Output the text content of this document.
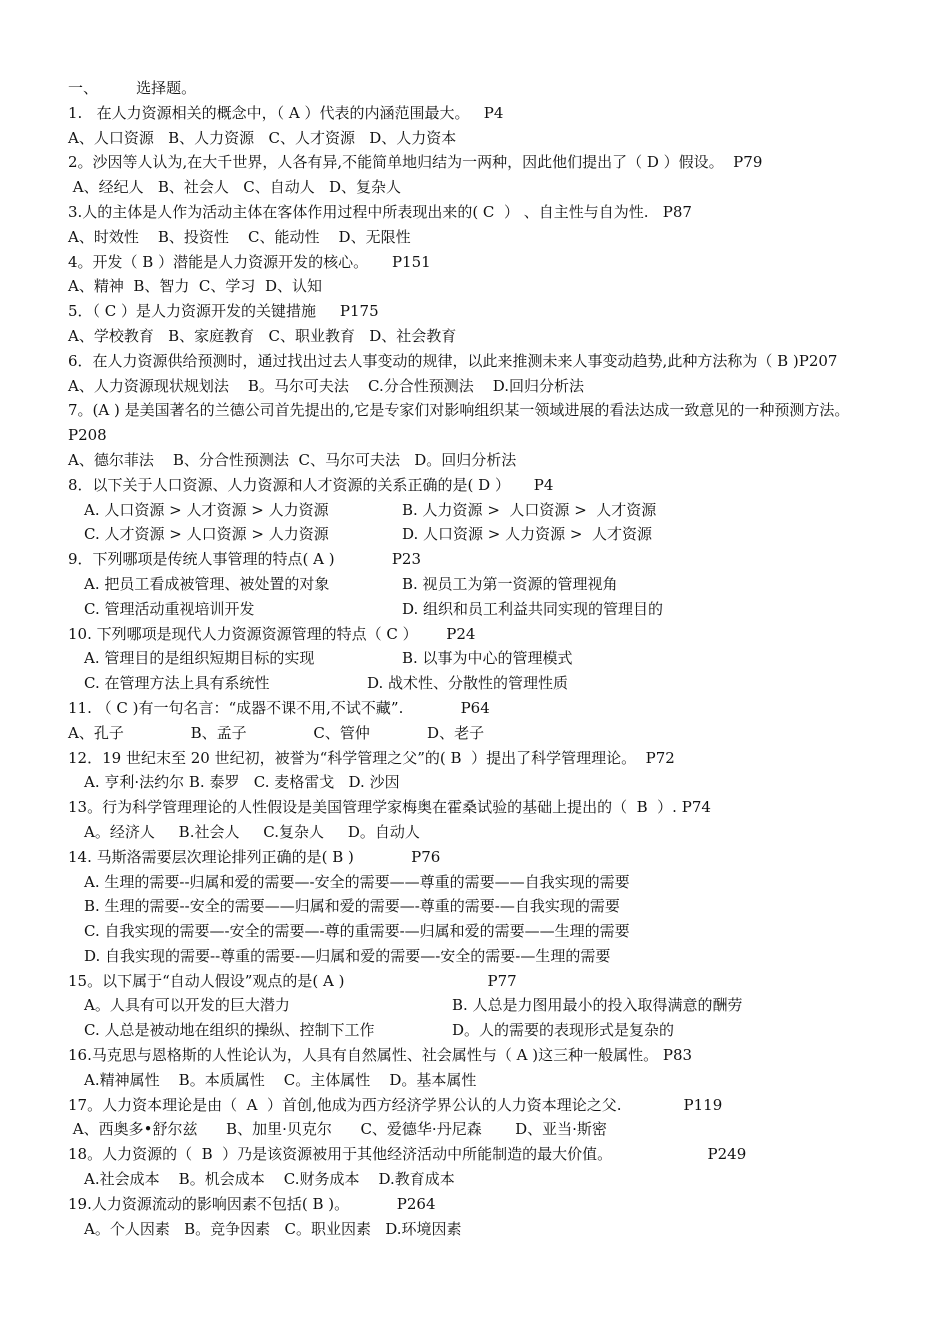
一、        选择题。
1.   在人力资源相关的概念中，（ A ）代表的内涵范围最大。   P4
A、人口资源   B、人力资源   C、人才资源   D、人力资本
2。沙因等人认为,在大千世界，人各有异,不能简单地归结为一两种，因此他们提出了（ D ）假设。  P79
A、经纪人   B、社会人   C、自动人   D、复杂人
3.人的主体是人作为活动主体在客体作用过程中所表现出来的( C  ） 、自主性与自为性.   P87
A、时效性    B、投资性    C、能动性    D、无限性
4。开发（ B ）潜能是人力资源开发的核心。     P151
A、精神  B、智力  C、学习  D、认知
5．（ C ）是人力资源开发的关键措施     P175
A、学校教育   B、家庭教育   C、职业教育   D、社会教育
6．在人力资源供给预测时，通过找出过去人事变动的规律，以此来推测未来人事变动趋势,此种方法称为（ B )P207
A、人力资源现状规划法    B。马尔可夫法    C.分合性预测法    D.回归分析法
7。(A ) 是美国著名的兰德公司首先提出的,它是专家们对影响组织某一领域进展的看法达成一致意见的一种预测方法。 P208
A、德尔菲法    B、分合性预测法  C、马尔可夫法   D。回归分析法
8．以下关于人口资源、人力资源和人才资源的关系正确的是( D ）     P4
A. 人口资源 > 人才资源 > 人力资源	B. 人力资源 >  人口资源 >  人才资源
C. 人才资源 > 人口资源 > 人力资源	D. 人口资源 > 人力资源 >  人才资源
9．下列哪项是传统人事管理的特点( A )            P23
A. 把员工看成被管理、被处置的对象	B. 视员工为第一资源的管理视角
C. 管理活动重视培训开发	D. 组织和员工利益共同实现的管理目的
10. 下列哪项是现代人力资源资源管理的特点（ C ）      P24
A. 管理目的是组织短期目标的实现	B. 以事为中心的管理模式
C. 在管理方法上具有系统性	D. 战术性、分散性的管理性质
11. （ C )有一句名言：“成器不课不用,不试不藏”.            P64
A、孔子              B、孟子              C、管仲            D、老子
12．19 世纪末至 20 世纪初，被誉为“科学管理之父”的( B  ）提出了科学管理理论。  P72
A. 亨利·法约尔 B. 泰罗   C. 麦格雷戈   D. 沙因
13。行为科学管理理论的人性假设是美国管理学家梅奥在霍桑试验的基础上提出的（  B  ）. P74
A。经济人     B.社会人     C.复杂人     D。自动人
14. 马斯洛需要层次理论排列正确的是( B )            P76
A. 生理的需要--归属和爱的需要—-安全的需要——尊重的需要——自我实现的需要
B. 生理的需要--安全的需要——归属和爱的需要—-尊重的需要-—自我实现的需要
C. 自我实现的需要—-安全的需要—-尊的重需要-—归属和爱的需要——生理的需要
D. 自我实现的需要--尊重的需要-—归属和爱的需要—-安全的需要-—生理的需要
15。以下属于“自动人假设”观点的是( A )                              P77
A。人具有可以开发的巨大潜力	B. 人总是力图用最小的投入取得满意的酬劳
C. 人总是被动地在组织的操纵、控制下工作	D。人的需要的表现形式是复杂的
16.马克思与恩格斯的人性论认为，人具有自然属性、社会属性与（ A )这三种一般属性。 P83
A.精神属性    B。本质属性    C。主体属性    D。基本属性
17。人力资本理论是由（  A  ）首创,他成为西方经济学界公认的人力资本理论之父.             P119
A、西奥多•舒尔兹      B、加里·贝克尔      C、爱德华·丹尼森       D、亚当·斯密
18。人力资源的（  B  ）乃是该资源被用于其他经济活动中所能制造的最大价值。                    P249
A.社会成本    B。机会成本    C.财务成本    D.教育成本
19.人力资源流动的影响因素不包括( B )。          P264
A。个人因素   B。竞争因素   C。职业因素   D.环境因素
